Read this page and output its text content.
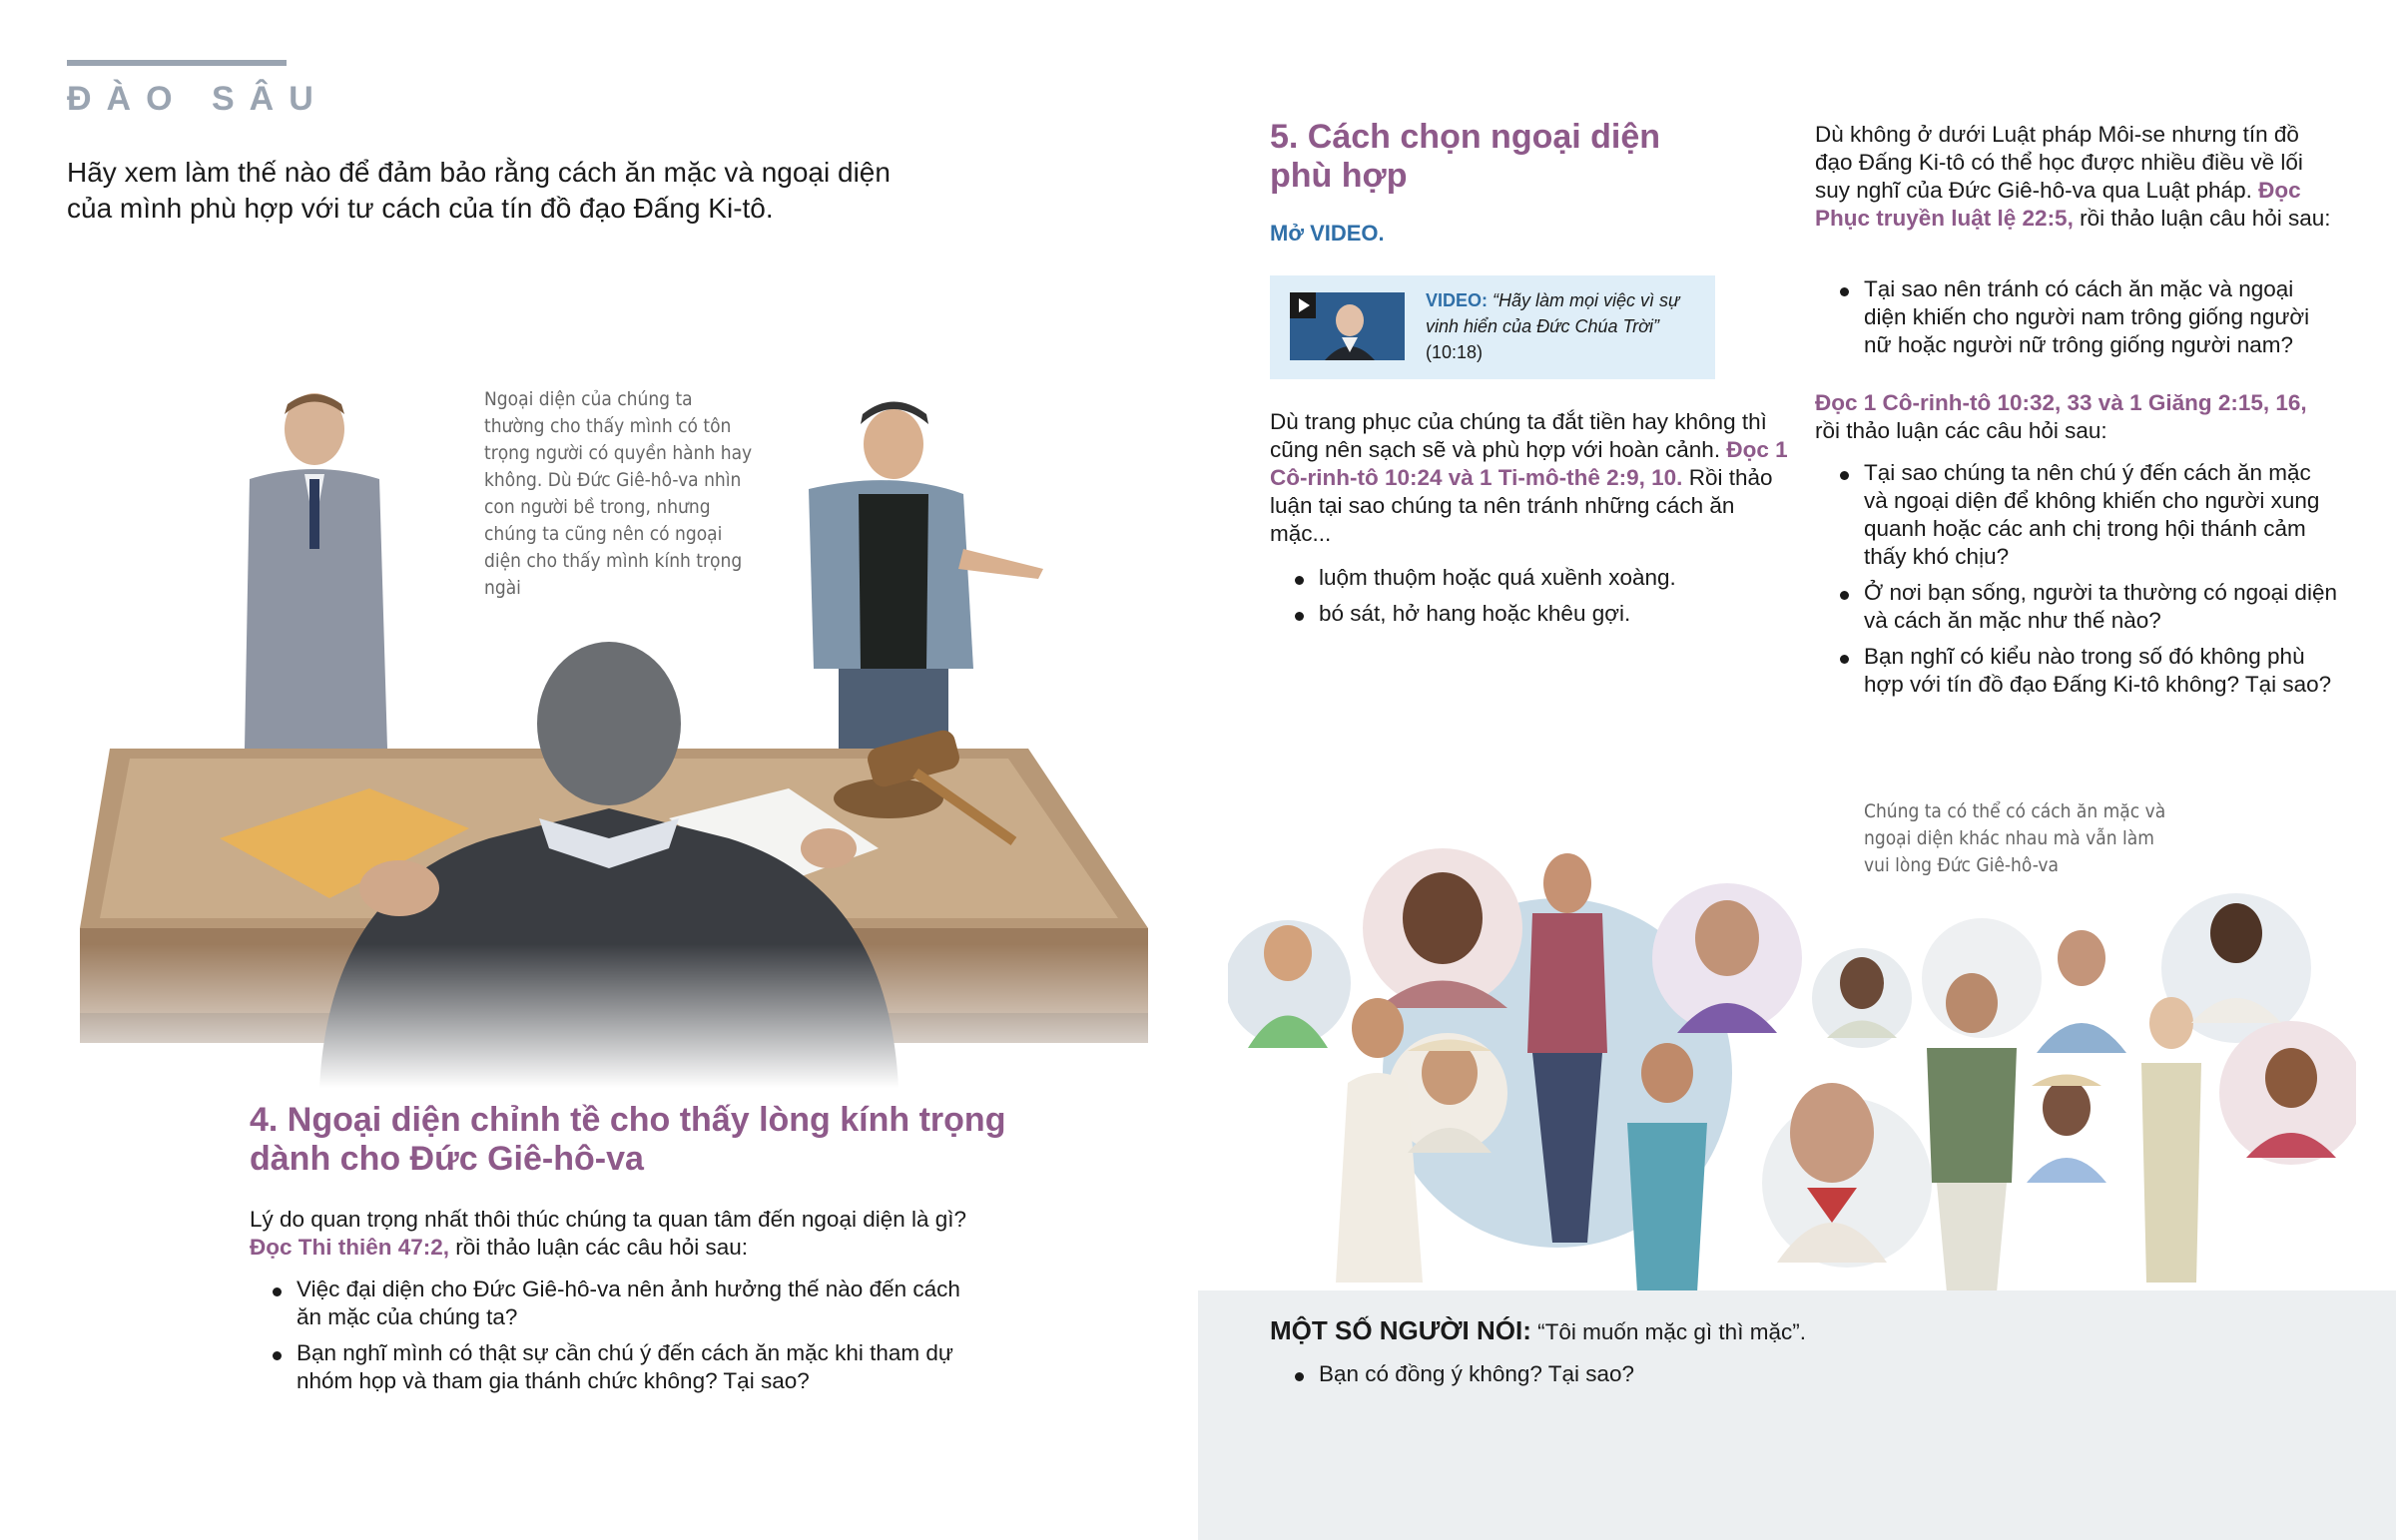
ĐÀO SÂU

Hãy xem làm thế nào để đảm bảo rằng cách ăn mặc và ngoại diện của mình phù hợp với tư cách của tín đồ đạo Đấng Ki-tô.

Ngoại diện của chúng ta thường cho thấy mình có tôn trọng người có quyền hành hay không. Dù Đức Giê-hô-va nhìn con người bề trong, nhưng chúng ta cũng nên có ngoại diện cho thấy mình kính trọng ngài

4. Ngoại diện chỉnh tề cho thấy lòng kính trọng dành cho Đức Giê-hô-va

Lý do quan trọng nhất thôi thúc chúng ta quan tâm đến ngoại diện là gì? Đọc Thi thiên 47:2, rồi thảo luận các câu hỏi sau:

Việc đại diện cho Đức Giê-hô-va nên ảnh hưởng thế nào đến cách ăn mặc của chúng ta?
Bạn nghĩ mình có thật sự cần chú ý đến cách ăn mặc khi tham dự nhóm họp và tham gia thánh chức không? Tại sao?
5. Cách chọn ngoại diện phù hợp
Mở VIDEO.

VIDEO: “Hãy làm mọi việc vì sự vinh hiển của Đức Chúa Trời” (10:18)

Dù trang phục của chúng ta đắt tiền hay không thì cũng nên sạch sẽ và phù hợp với hoàn cảnh. Đọc 1 Cô-rinh-tô 10:24 và 1 Ti-mô-thê 2:9, 10. Rồi thảo luận tại sao chúng ta nên tránh những cách ăn mặc...

luộm thuộm hoặc quá xuềnh xoàng.
bó sát, hở hang hoặc khêu gợi.

Dù không ở dưới Luật pháp Môi-se nhưng tín đồ đạo Đấng Ki-tô có thể học được nhiều điều về lối suy nghĩ của Đức Giê-hô-va qua Luật pháp. Đọc Phục truyền luật lệ 22:5, rồi thảo luận câu hỏi sau:

Tại sao nên tránh có cách ăn mặc và ngoại diện khiến cho người nam trông giống người nữ hoặc người nữ trông giống người nam?

Đọc 1 Cô-rinh-tô 10:32, 33 và 1 Giăng 2:15, 16, rồi thảo luận các câu hỏi sau:

Tại sao chúng ta nên chú ý đến cách ăn mặc và ngoại diện để không khiến cho người xung quanh hoặc các anh chị trong hội thánh cảm thấy khó chịu?
Ở nơi bạn sống, người ta thường có ngoại diện và cách ăn mặc như thế nào?
Bạn nghĩ có kiểu nào trong số đó không phù hợp với tín đồ đạo Đấng Ki-tô không? Tại sao?

Chúng ta có thể có cách ăn mặc và ngoại diện khác nhau mà vẫn làm vui lòng Đức Giê-hô-va

MỘT SỐ NGƯỜI NÓI: “Tôi muốn mặc gì thì mặc”.

Bạn có đồng ý không? Tại sao?
